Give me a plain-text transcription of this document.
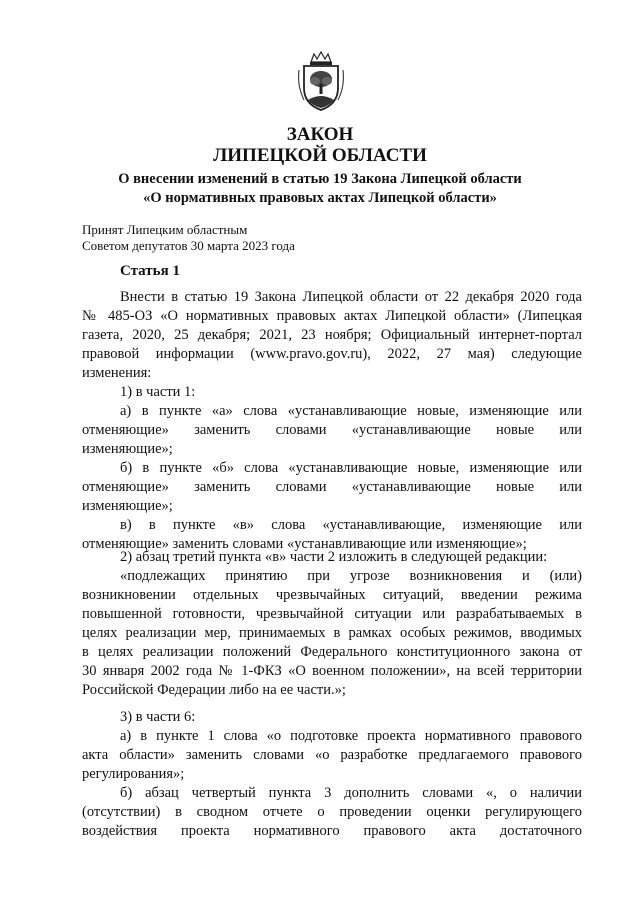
ЗАКОН
ЛИПЕЦКОЙ ОБЛАСТИ
О внесении изменений в статью 19 Закона Липецкой области
«О нормативных правовых актах Липецкой области»
Принят Липецким областным
Советом депутатов 30 марта 2023 года
Статья 1

Внести в статью 19 Закона Липецкой области от 22 декабря 2020 года

№ 485-ОЗ «О нормативных правовых актах Липецкой области» (Липецкая

газета, 2020, 25 декабря; 2021, 23 ноября; Официальный интернет-портал

правовой информации (www.pravo.gov.ru), 2022, 27 мая) следующие

изменения:

1) в части 1:

а) в пункте «а» слова «устанавливающие новые, изменяющие или

отменяющие» заменить словами «устанавливающие новые или

изменяющие»;

б) в пункте «б» слова «устанавливающие новые, изменяющие или

отменяющие» заменить словами «устанавливающие новые или

изменяющие»;

в) в пункте «в» слова «устанавливающие, изменяющие или

отменяющие» заменить словами «устанавливающие или изменяющие»;

2) абзац третий пункта «в» части 2 изложить в следующей редакции:

«подлежащих принятию при угрозе возникновения и (или)

возникновении отдельных чрезвычайных ситуаций, введении режима

повышенной готовности, чрезвычайной ситуации или разрабатываемых в

целях реализации мер, принимаемых в рамках особых режимов, вводимых

в целях реализации положений Федерального конституционного закона от

30 января 2002 года № 1-ФКЗ «О военном положении», на всей территории

Российской Федерации либо на ее части.»;

3) в части 6:

а) в пункте 1 слова «о подготовке проекта нормативного правового

акта области» заменить словами «о разработке предлагаемого правового

регулирования»;

б) абзац четвертый пункта 3 дополнить словами «, о наличии

(отсутствии) в сводном отчете о проведении оценки регулирующего

воздействия проекта нормативного правового акта достаточного
